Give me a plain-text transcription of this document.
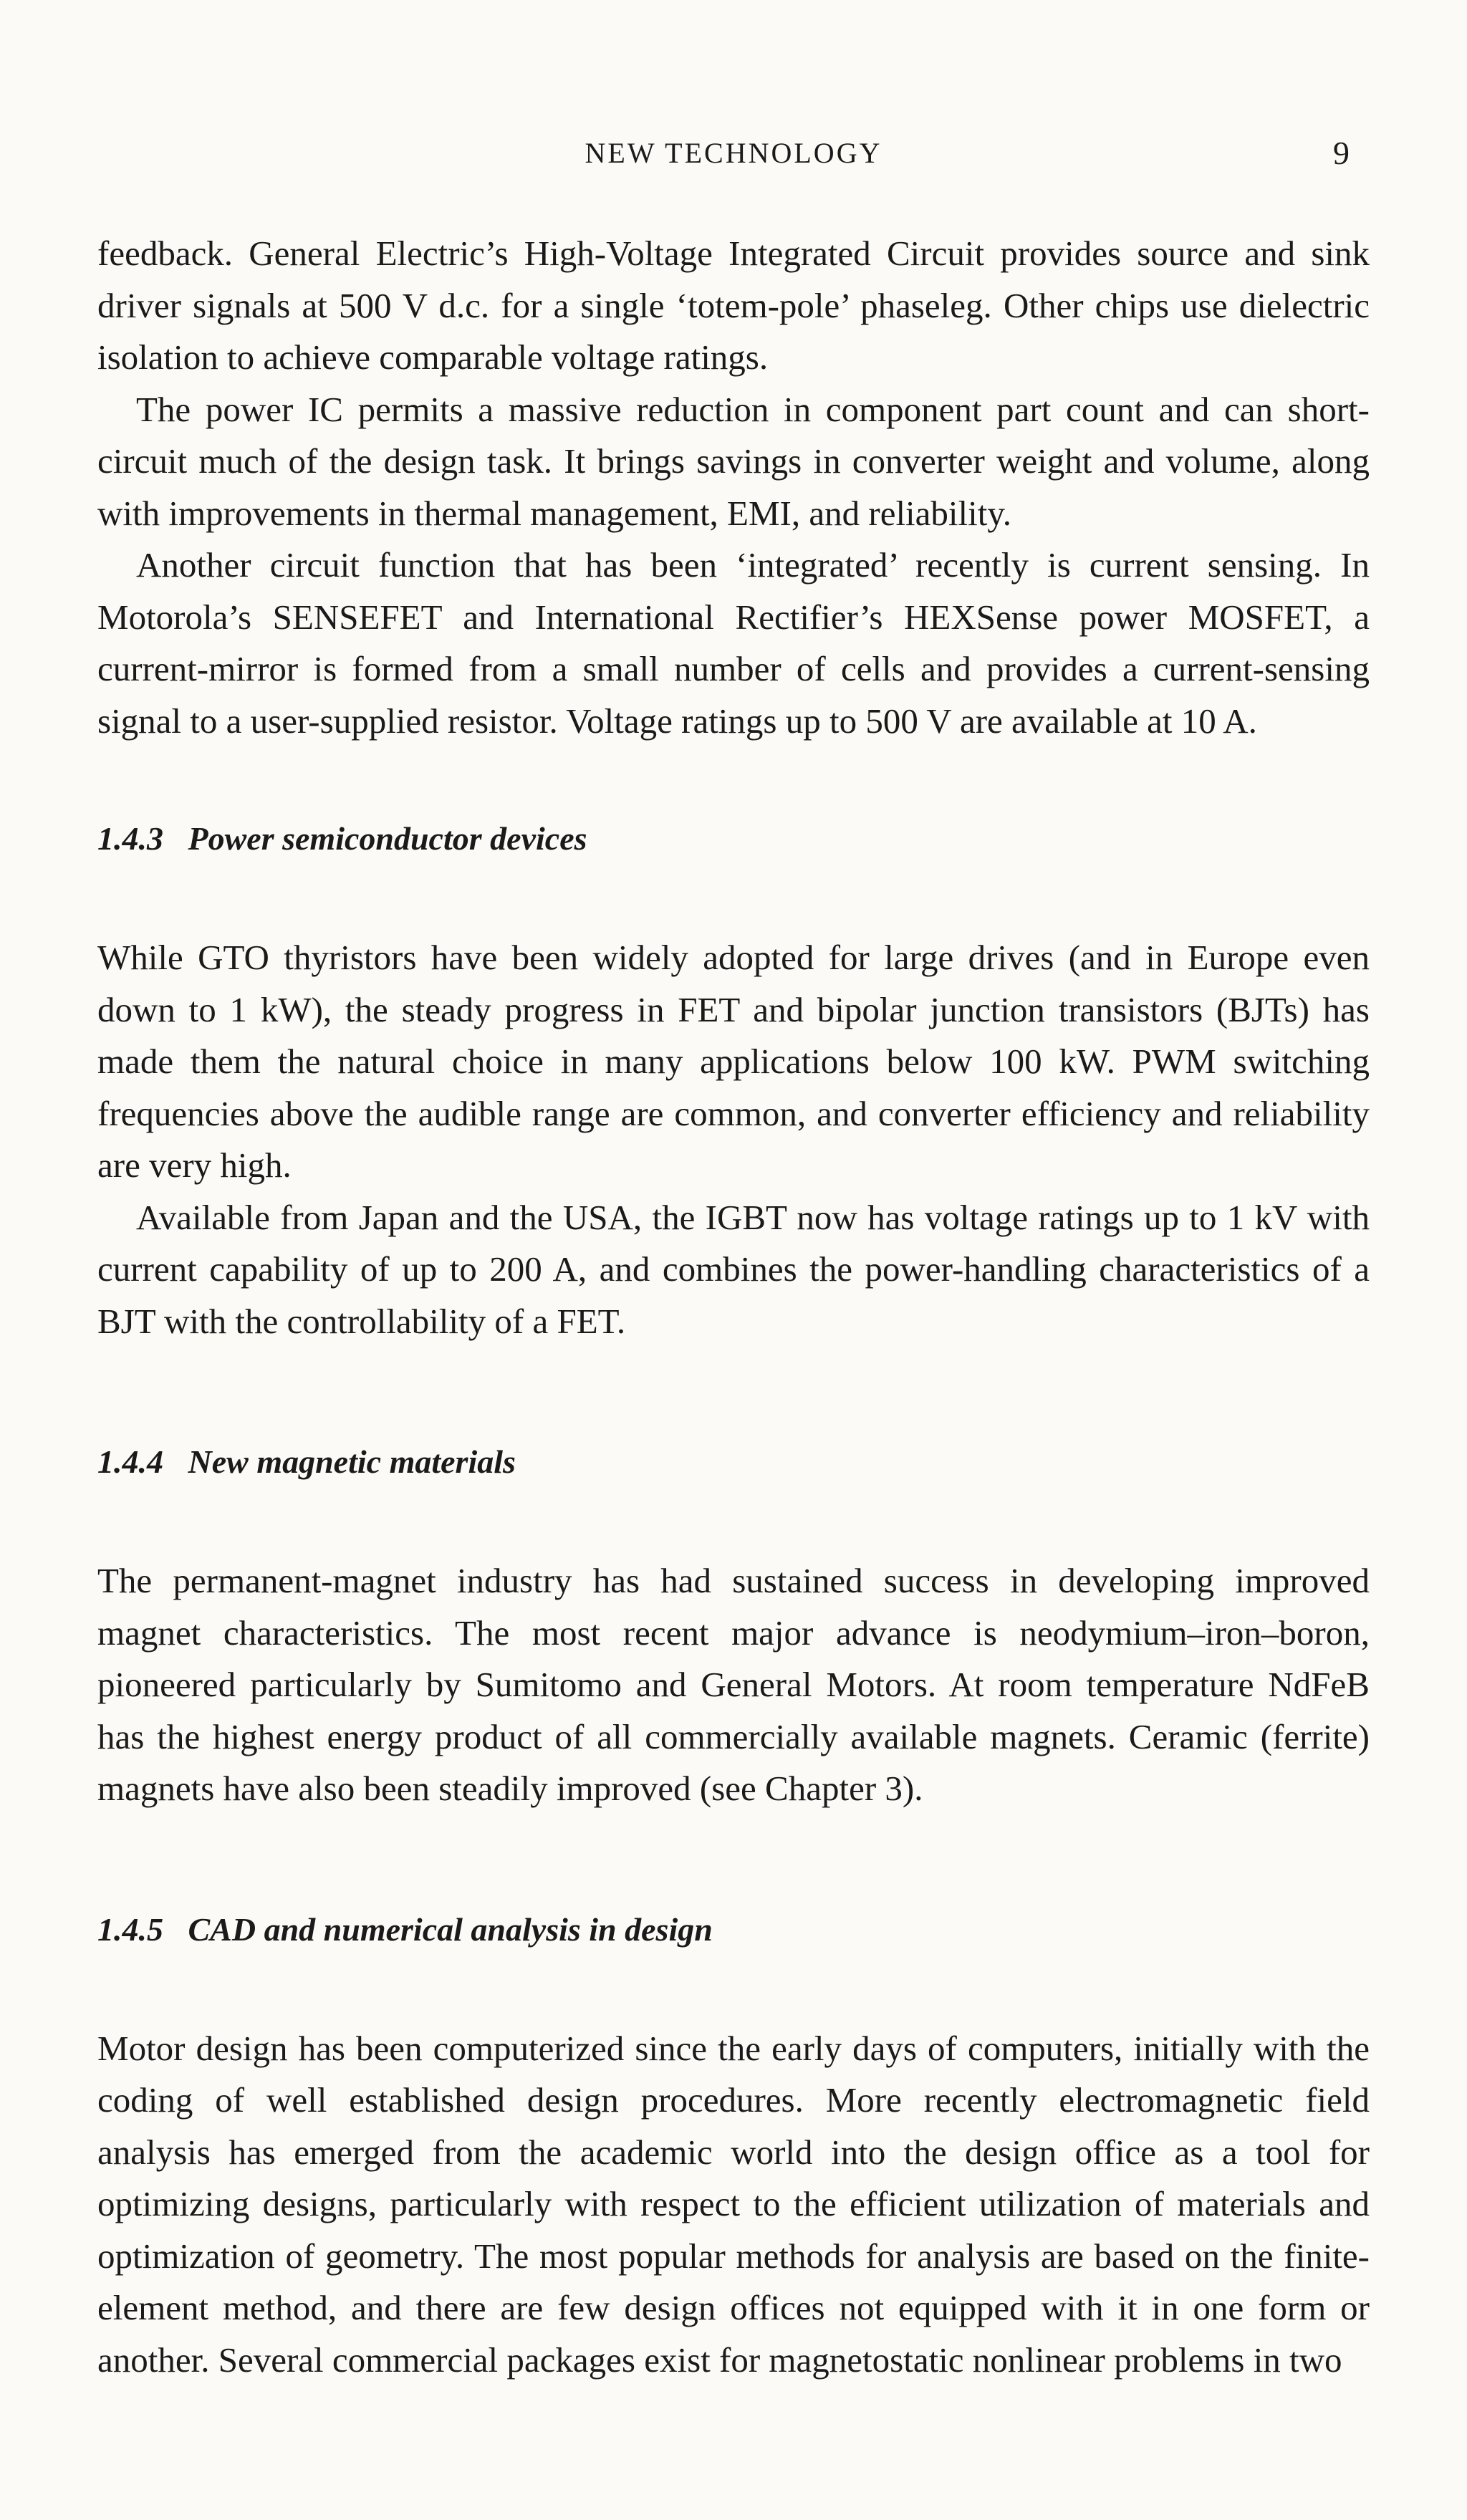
NEW TECHNOLOGY	9

feedback. General Electric’s High-Voltage Integrated Circuit provides source and sink driver signals at 500 V d.c. for a single ‘totem-pole’ phaseleg. Other chips use dielectric isolation to achieve comparable voltage ratings.

The power IC permits a massive reduction in component part count and can short-circuit much of the design task. It brings savings in converter weight and volume, along with improvements in thermal management, EMI, and reliability.

Another circuit function that has been ‘integrated’ recently is current sensing. In Motorola’s SENSEFET and International Rectifier’s HEXSense power MOSFET, a current-mirror is formed from a small number of cells and provides a current-sensing signal to a user-supplied resistor. Voltage ratings up to 500 V are available at 10 A.

1.4.3   Power semiconductor devices

While GTO thyristors have been widely adopted for large drives (and in Europe even down to 1 kW), the steady progress in FET and bipolar junction transistors (BJTs) has made them the natural choice in many applications below 100 kW. PWM switching frequencies above the audible range are common, and converter efficiency and reliability are very high.

Available from Japan and the USA, the IGBT now has voltage ratings up to 1 kV with current capability of up to 200 A, and combines the power-handling characteristics of a BJT with the controllability of a FET.

1.4.4   New magnetic materials

The permanent-magnet industry has had sustained success in developing improved magnet characteristics. The most recent major advance is neodymium–iron–boron, pioneered particularly by Sumitomo and General Motors. At room temperature NdFeB has the highest energy product of all commercially available magnets. Ceramic (ferrite) magnets have also been steadily improved (see Chapter 3).

1.4.5   CAD and numerical analysis in design

Motor design has been computerized since the early days of computers, initially with the coding of well established design procedures. More recently electromagnetic field analysis has emerged from the academic world into the design office as a tool for optimizing designs, particularly with respect to the efficient utilization of materials and optimization of geometry. The most popular methods for analysis are based on the finite-element method, and there are few design offices not equipped with it in one form or another. Several commercial packages exist for magnetostatic nonlinear problems in two
